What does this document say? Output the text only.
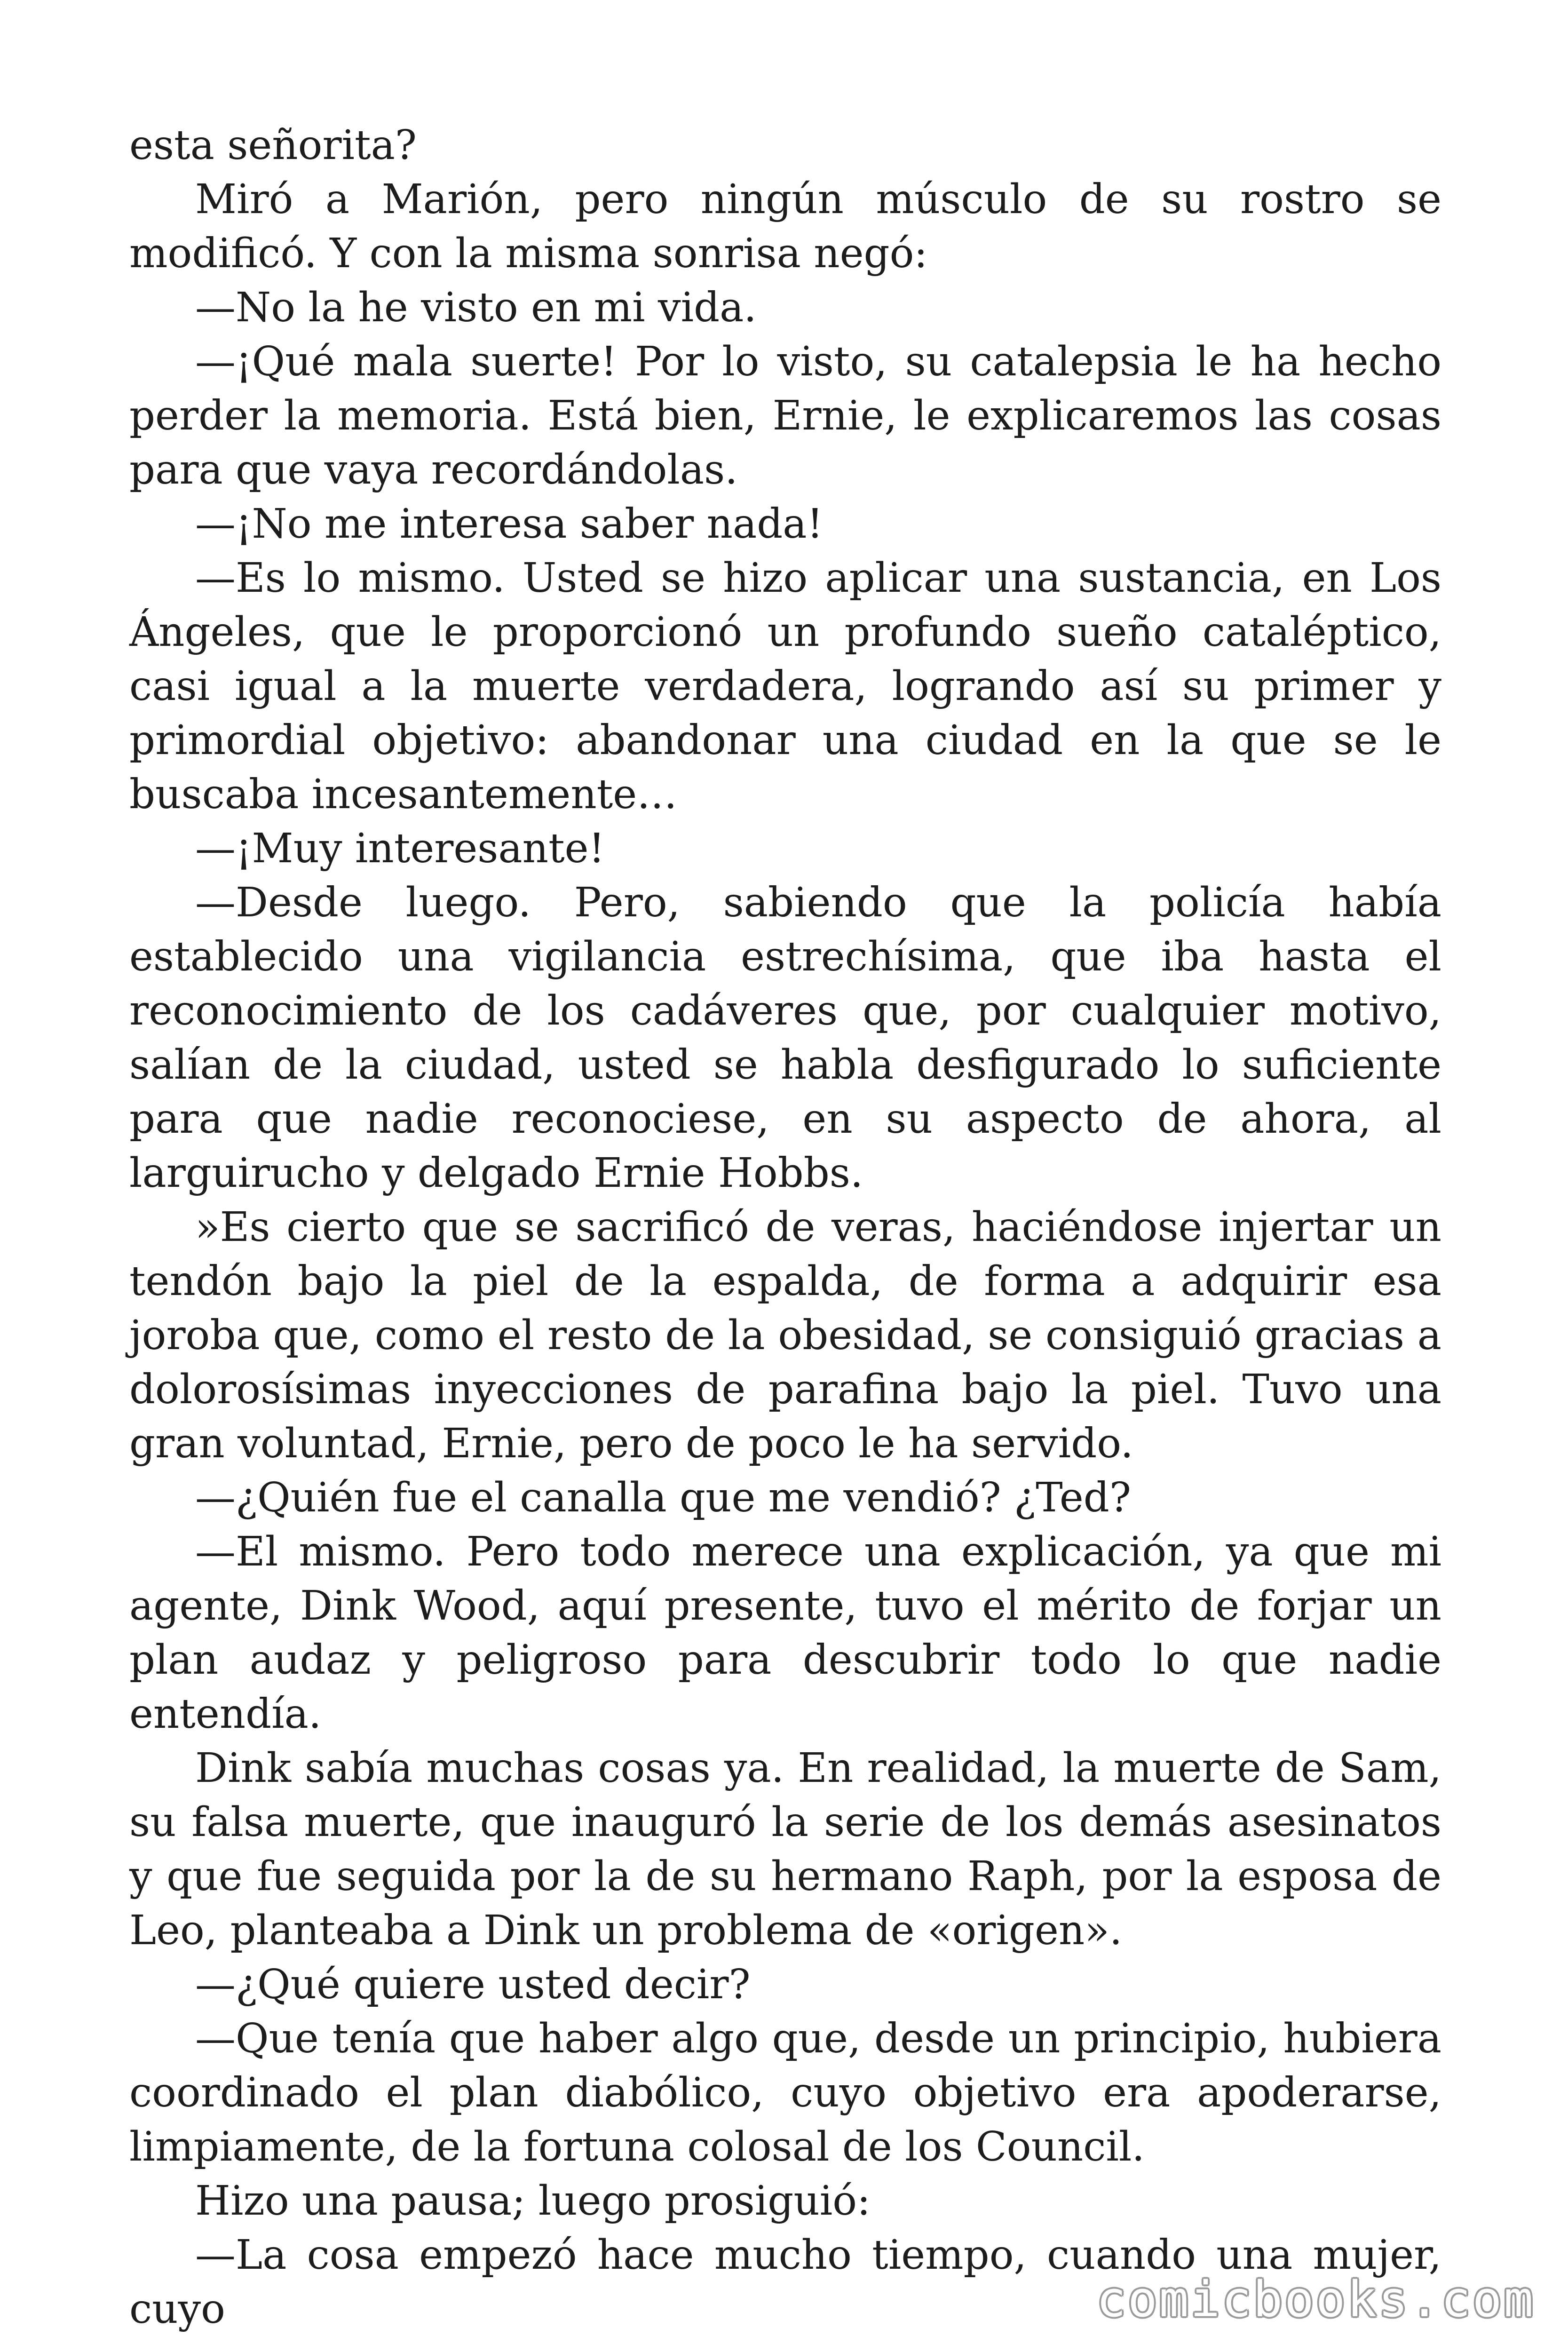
esta señorita?

Miró a Marión, pero ningún músculo de su rostro se modificó. Y con la misma sonrisa negó:

—No la he visto en mi vida.

—¡Qué mala suerte! Por lo visto, su catalepsia le ha hecho perder la memoria. Está bien, Ernie, le explicaremos las cosas para que vaya recordándolas.

—¡No me interesa saber nada!

—Es lo mismo. Usted se hizo aplicar una sustancia, en Los Ángeles, que le proporcionó un profundo sueño cataléptico, casi igual a la muerte verdadera, logrando así su primer y primordial objetivo: abandonar una ciudad en la que se le buscaba incesantemente…

—¡Muy interesante!

—Desde luego. Pero, sabiendo que la policía había establecido una vigilancia estrechísima, que iba hasta el reconocimiento de los cadáveres que, por cualquier motivo, salían de la ciudad, usted se habla desfigurado lo suficiente para que nadie reconociese, en su aspecto de ahora, al larguirucho y delgado Ernie Hobbs.

»Es cierto que se sacrificó de veras, haciéndose injertar un tendón bajo la piel de la espalda, de forma a adquirir esa joroba que, como el resto de la obesidad, se consiguió gracias a dolorosísimas inyecciones de parafina bajo la piel. Tuvo una gran voluntad, Ernie, pero de poco le ha servido.

—¿Quién fue el canalla que me vendió? ¿Ted?

—El mismo. Pero todo merece una explicación, ya que mi agente, Dink Wood, aquí presente, tuvo el mérito de forjar un plan audaz y peligroso para descubrir todo lo que nadie entendía.

Dink sabía muchas cosas ya. En realidad, la muerte de Sam, su falsa muerte, que inauguró la serie de los demás asesinatos y que fue seguida por la de su hermano Raph, por la esposa de Leo, planteaba a Dink un problema de «origen».

—¿Qué quiere usted decir?

—Que tenía que haber algo que, desde un principio, hubiera coordinado el plan diabólico, cuyo objetivo era apoderarse, limpiamente, de la fortuna colosal de los Council.

Hizo una pausa; luego prosiguió:

—La cosa empezó hace mucho tiempo, cuando una mujer, cuyo	comicbooks.com
